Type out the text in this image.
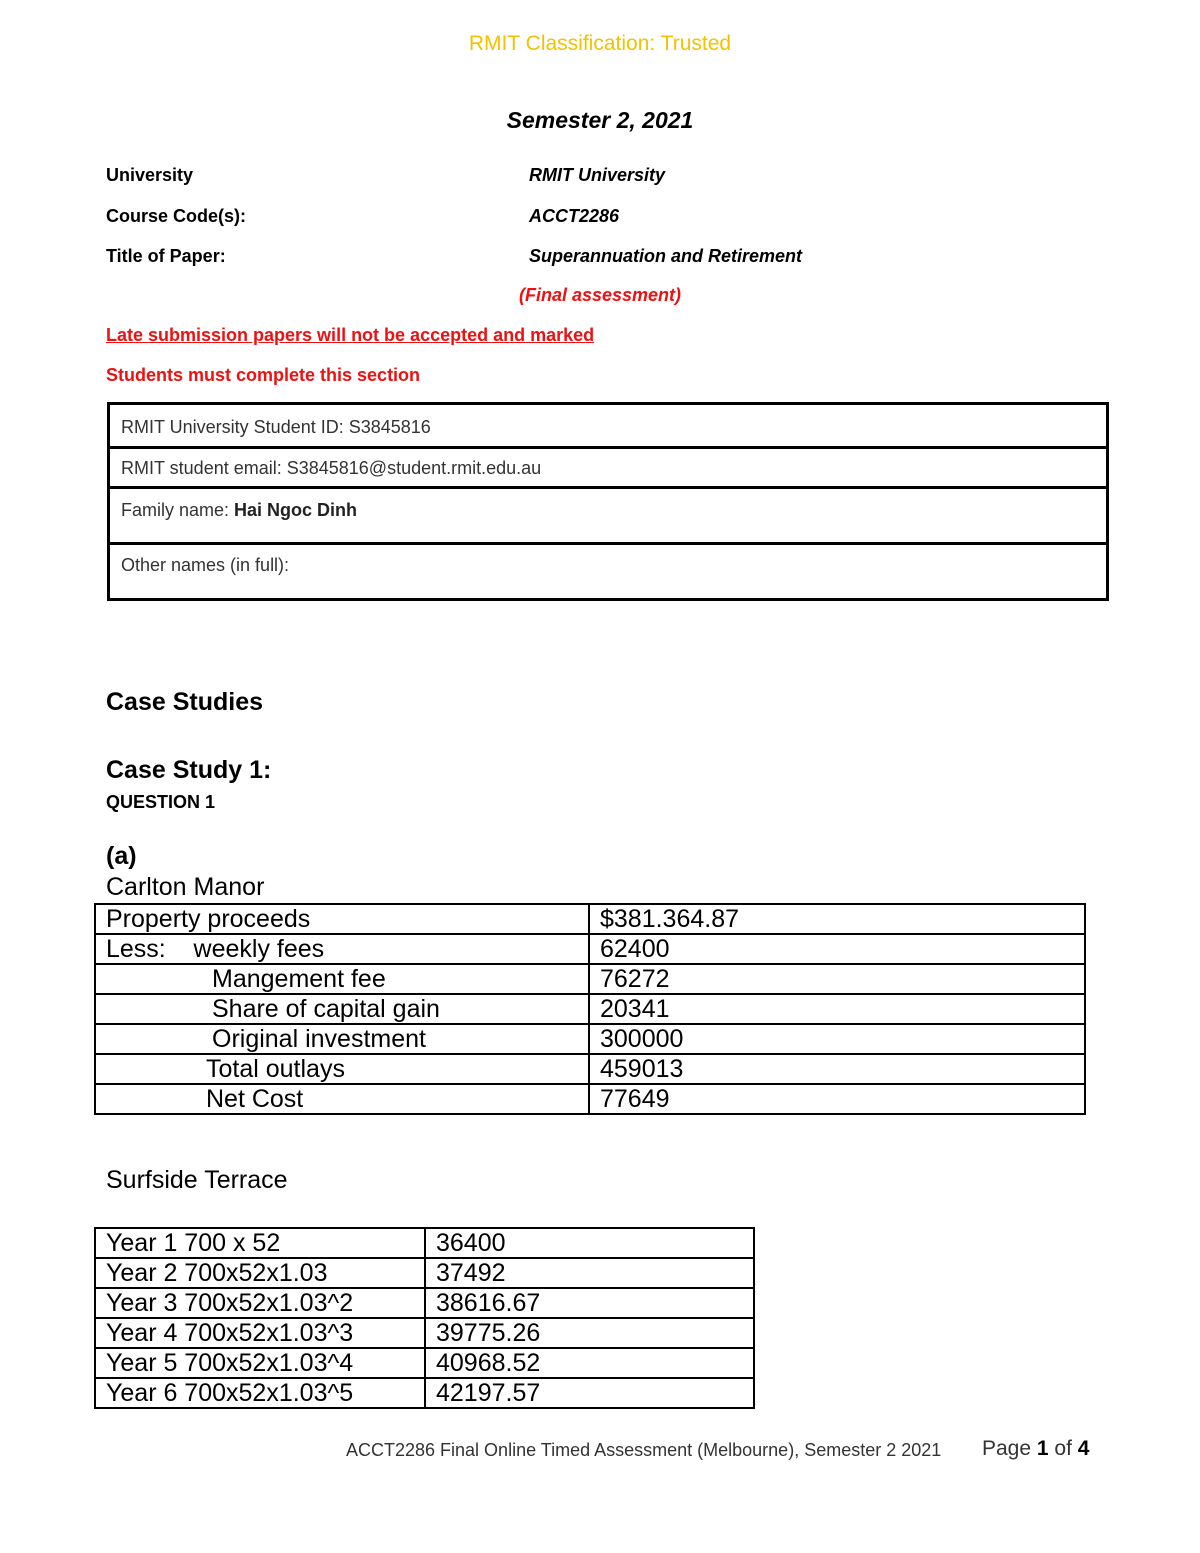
RMIT Classification: Trusted
Semester 2, 2021
University	RMIT University
Course Code(s):	ACCT2286
Title of Paper:	Superannuation and Retirement
(Final assessment)
Late submission papers will not be accepted and marked
Students must complete this section
RMIT University Student ID: S3845816
RMIT student email: S3845816@student.rmit.edu.au
Family name: Hai Ngoc Dinh
Other names (in full):
Case Studies
Case Study 1:
QUESTION 1
(a)
Carlton Manor
Property proceeds	$381.364.87
Less:    weekly fees	62400
Mangement fee	76272
Share of capital gain	20341
Original investment	300000
Total outlays	459013
Net Cost	77649
Surfside Terrace
Year 1 700 x 52	36400
Year 2 700x52x1.03	37492
Year 3 700x52x1.03^2	38616.67
Year 4 700x52x1.03^3	39775.26
Year 5 700x52x1.03^4	40968.52
Year 6 700x52x1.03^5	42197.57
ACCT2286 Final Online Timed Assessment (Melbourne), Semester 2 2021 Page 1 of 4
